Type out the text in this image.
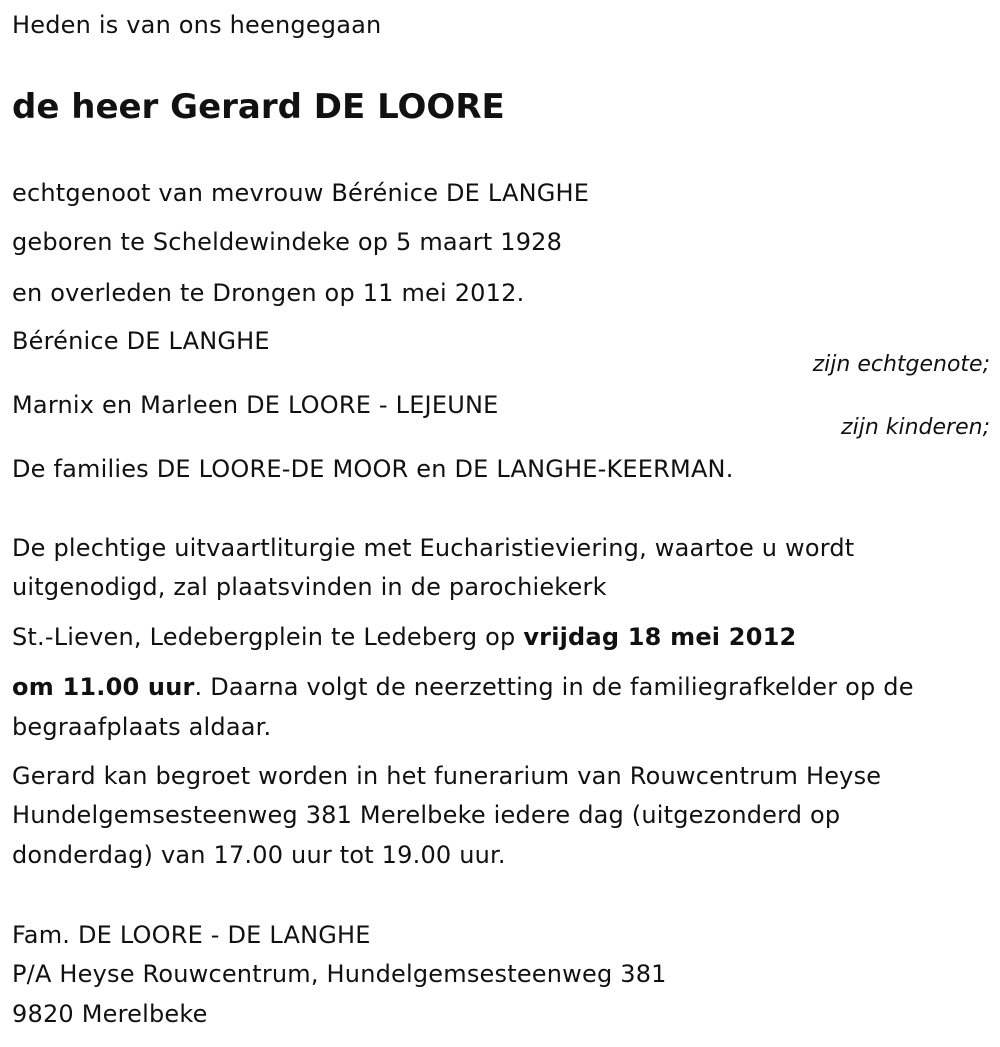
Heden is van ons heengegaan
de heer Gerard DE LOORE
echtgenoot van mevrouw Bérénice DE LANGHE
geboren te Scheldewindeke op 5 maart 1928
en overleden te Drongen op 11 mei 2012.
Bérénice DE LANGHE
zijn echtgenote;
Marnix en Marleen DE LOORE - LEJEUNE
zijn kinderen;
De families DE LOORE-DE MOOR en DE LANGHE-KEERMAN.
De plechtige uitvaartliturgie met Eucharistieviering, waartoe u wordt
uitgenodigd, zal plaatsvinden in de parochiekerk
St.-Lieven, Ledebergplein te Ledeberg op vrijdag 18 mei 2012
om 11.00 uur. Daarna volgt de neerzetting in de familiegrafkelder op de
begraafplaats aldaar.
Gerard kan begroet worden in het funerarium van Rouwcentrum Heyse
Hundelgemsesteenweg 381 Merelbeke iedere dag (uitgezonderd op
donderdag) van 17.00 uur tot 19.00 uur.
Fam. DE LOORE - DE LANGHE
P/A Heyse Rouwcentrum, Hundelgemsesteenweg 381
9820 Merelbeke
